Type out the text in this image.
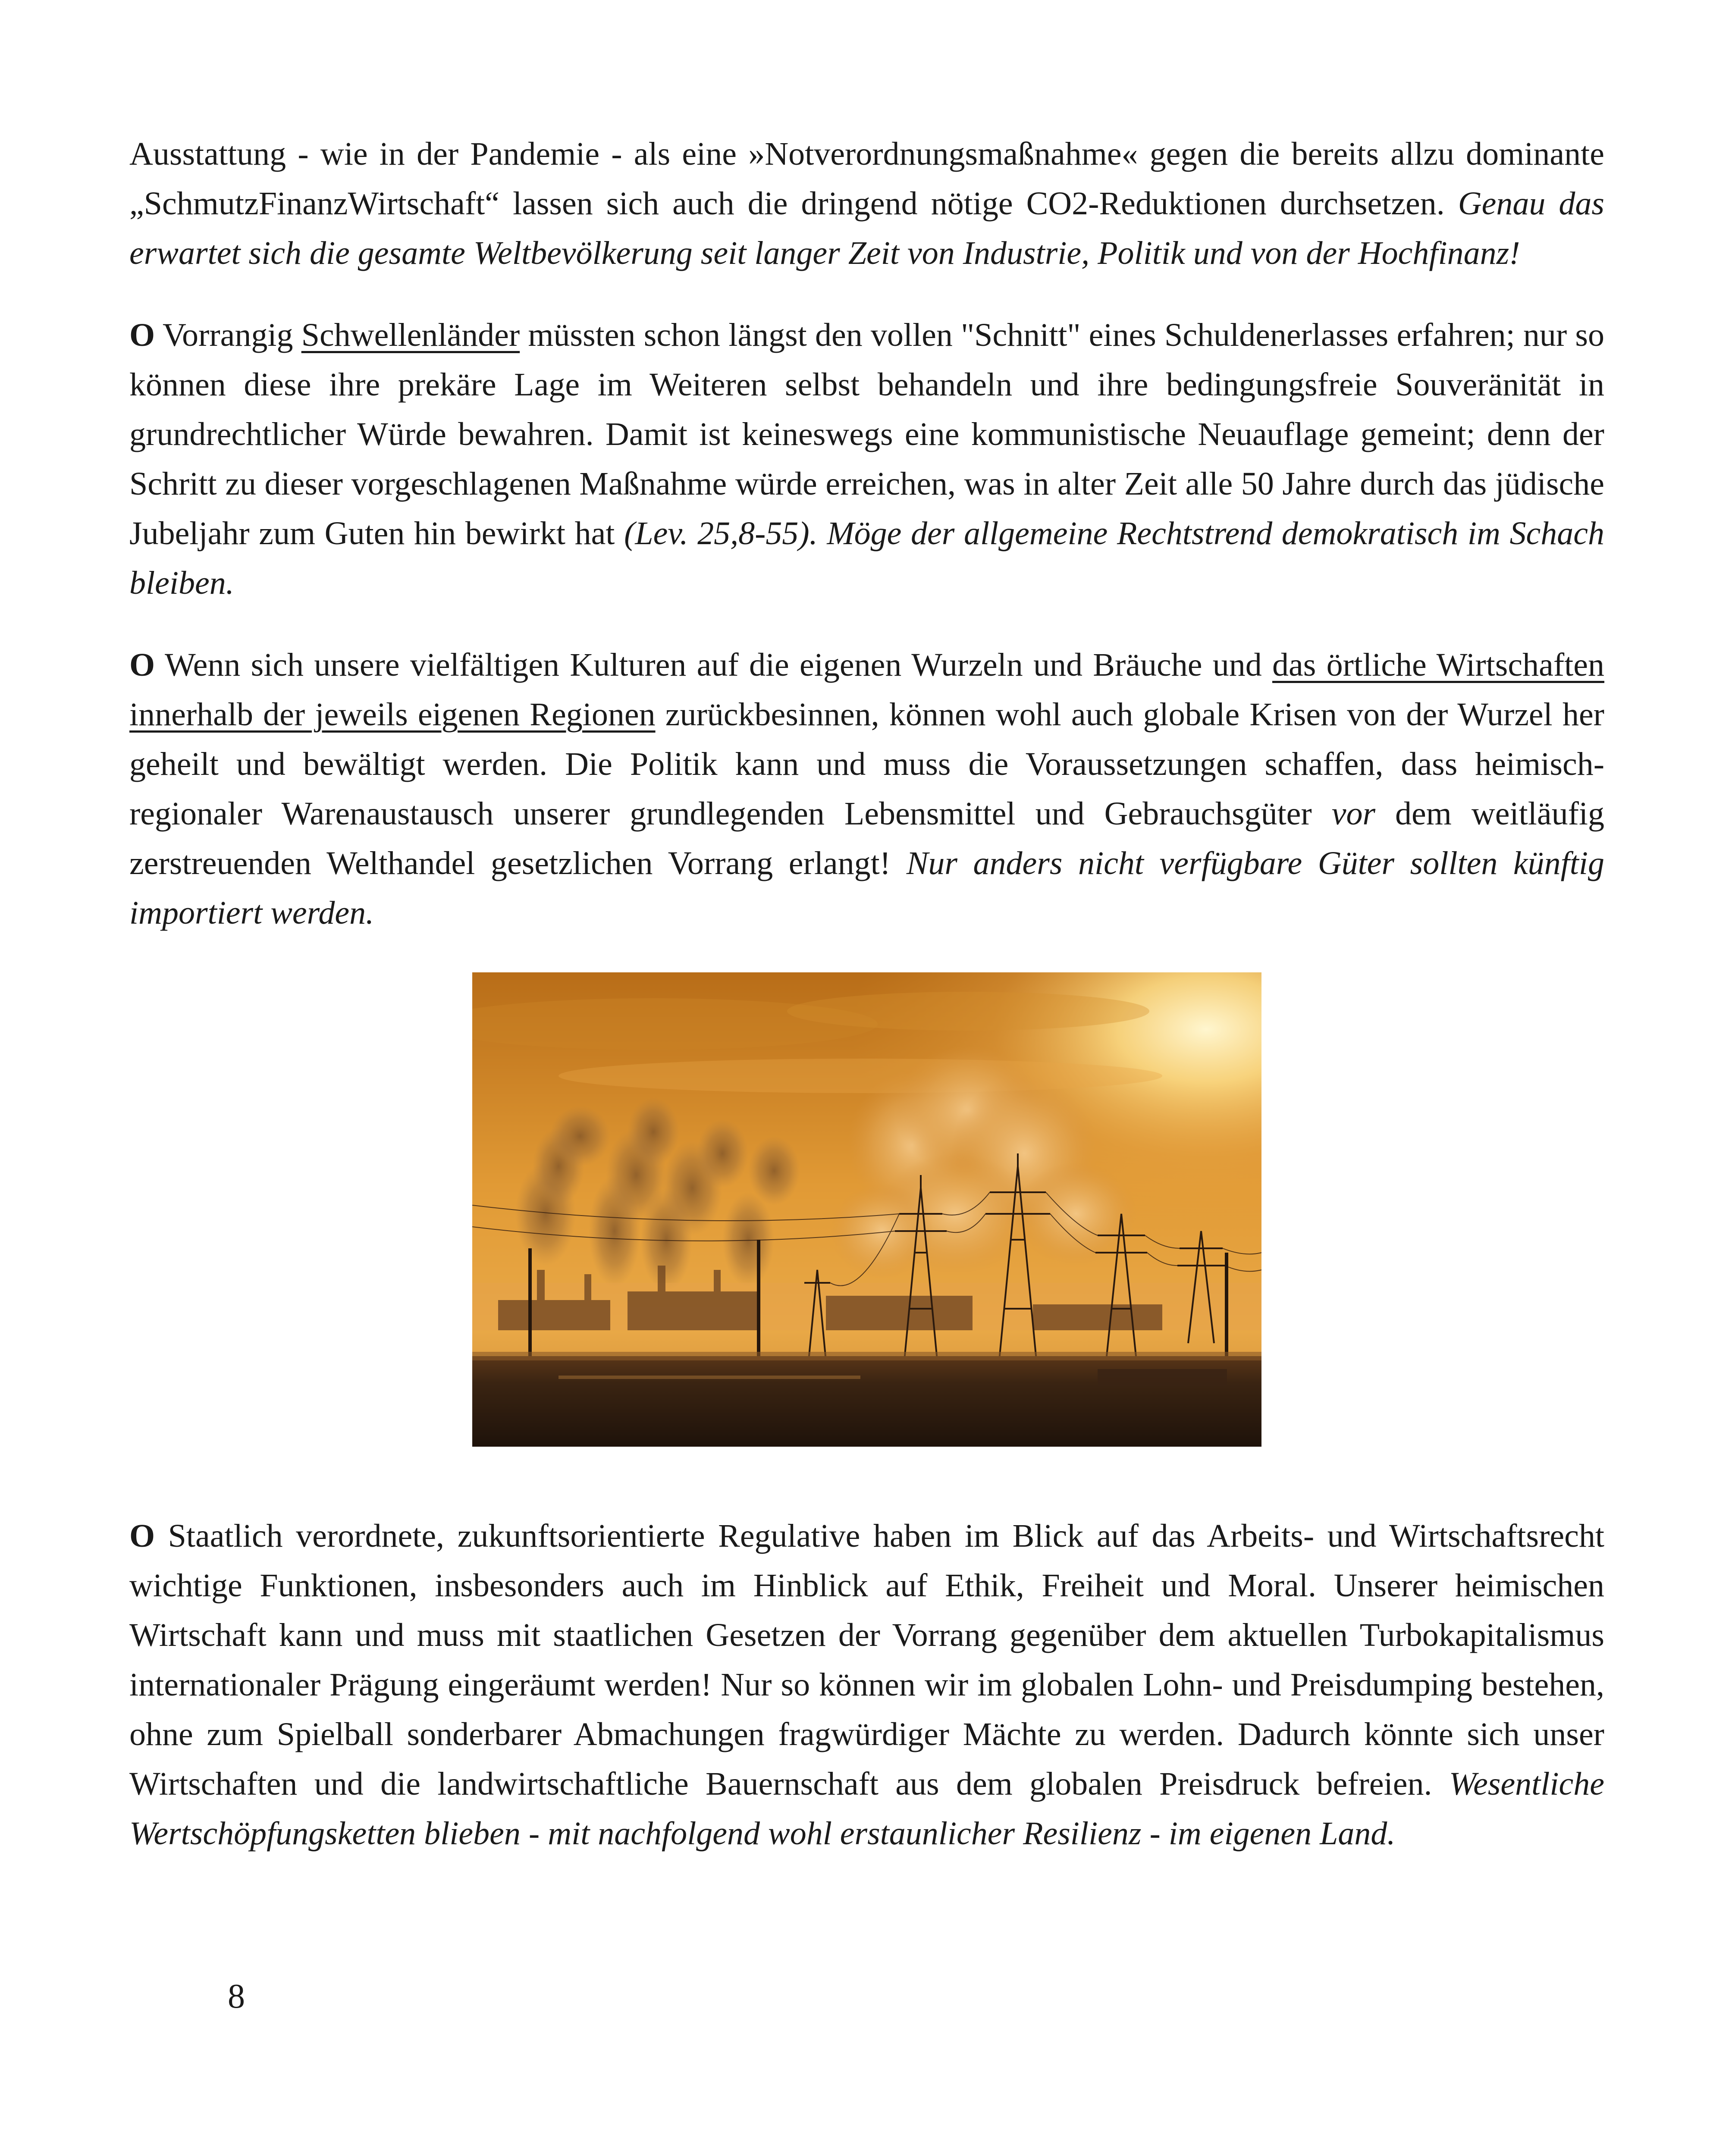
Ausstattung - wie in der Pandemie - als eine »Notverordnungsmaßnahme« gegen die bereits allzu dominante „SchmutzFinanzWirtschaft“ lassen sich auch die dringend nötige CO2-Reduktionen durchsetzen. Genau das erwartet sich die gesamte Weltbevölkerung seit langer Zeit von Industrie, Politik und von der Hochfinanz!

O Vorrangig Schwellenländer müssten schon längst den vollen "Schnitt" eines Schuldenerlasses erfahren; nur so können diese ihre prekäre Lage im Weiteren selbst behandeln und ihre bedingungsfreie Souveränität in grundrechtlicher Würde bewahren. Damit ist keineswegs eine kommunistische Neuauflage gemeint; denn der Schritt zu dieser vorgeschlagenen Maßnahme würde erreichen, was in alter Zeit alle 50 Jahre durch das jüdische Jubeljahr zum Guten hin bewirkt hat (Lev. 25,8-55). Möge der allgemeine Rechtstrend demokratisch im Schach bleiben.

O Wenn sich unsere vielfältigen Kulturen auf die eigenen Wurzeln und Bräuche und das örtliche Wirtschaften innerhalb der jeweils eigenen Regionen zurückbesinnen, können wohl auch globale Krisen von der Wurzel her geheilt und bewältigt werden. Die Politik kann und muss die Voraussetzungen schaffen, dass heimisch-regionaler Warenaustausch unserer grundlegenden Lebensmittel und Gebrauchsgüter vor dem weitläufig zerstreuenden Welthandel gesetzlichen Vorrang erlangt! Nur anders nicht verfügbare Güter sollten künftig importiert werden.

O Staatlich verordnete, zukunftsorientierte Regulative haben im Blick auf das Arbeits- und Wirtschaftsrecht wichtige Funktionen, insbesonders auch im Hinblick auf Ethik, Freiheit und Moral. Unserer heimischen Wirtschaft kann und muss mit staatlichen Gesetzen der Vorrang gegenüber dem aktuellen Turbokapitalismus internationaler Prägung eingeräumt werden! Nur so können wir im globalen Lohn- und Preisdumping bestehen, ohne zum Spielball sonderbarer Abmachungen fragwürdiger Mächte zu werden. Dadurch könnte sich unser Wirtschaften und die landwirtschaftliche Bauernschaft aus dem globalen Preisdruck befreien. Wesentliche Wertschöpfungsketten blieben - mit nachfolgend wohl erstaunlicher Resilienz - im eigenen Land.

8
